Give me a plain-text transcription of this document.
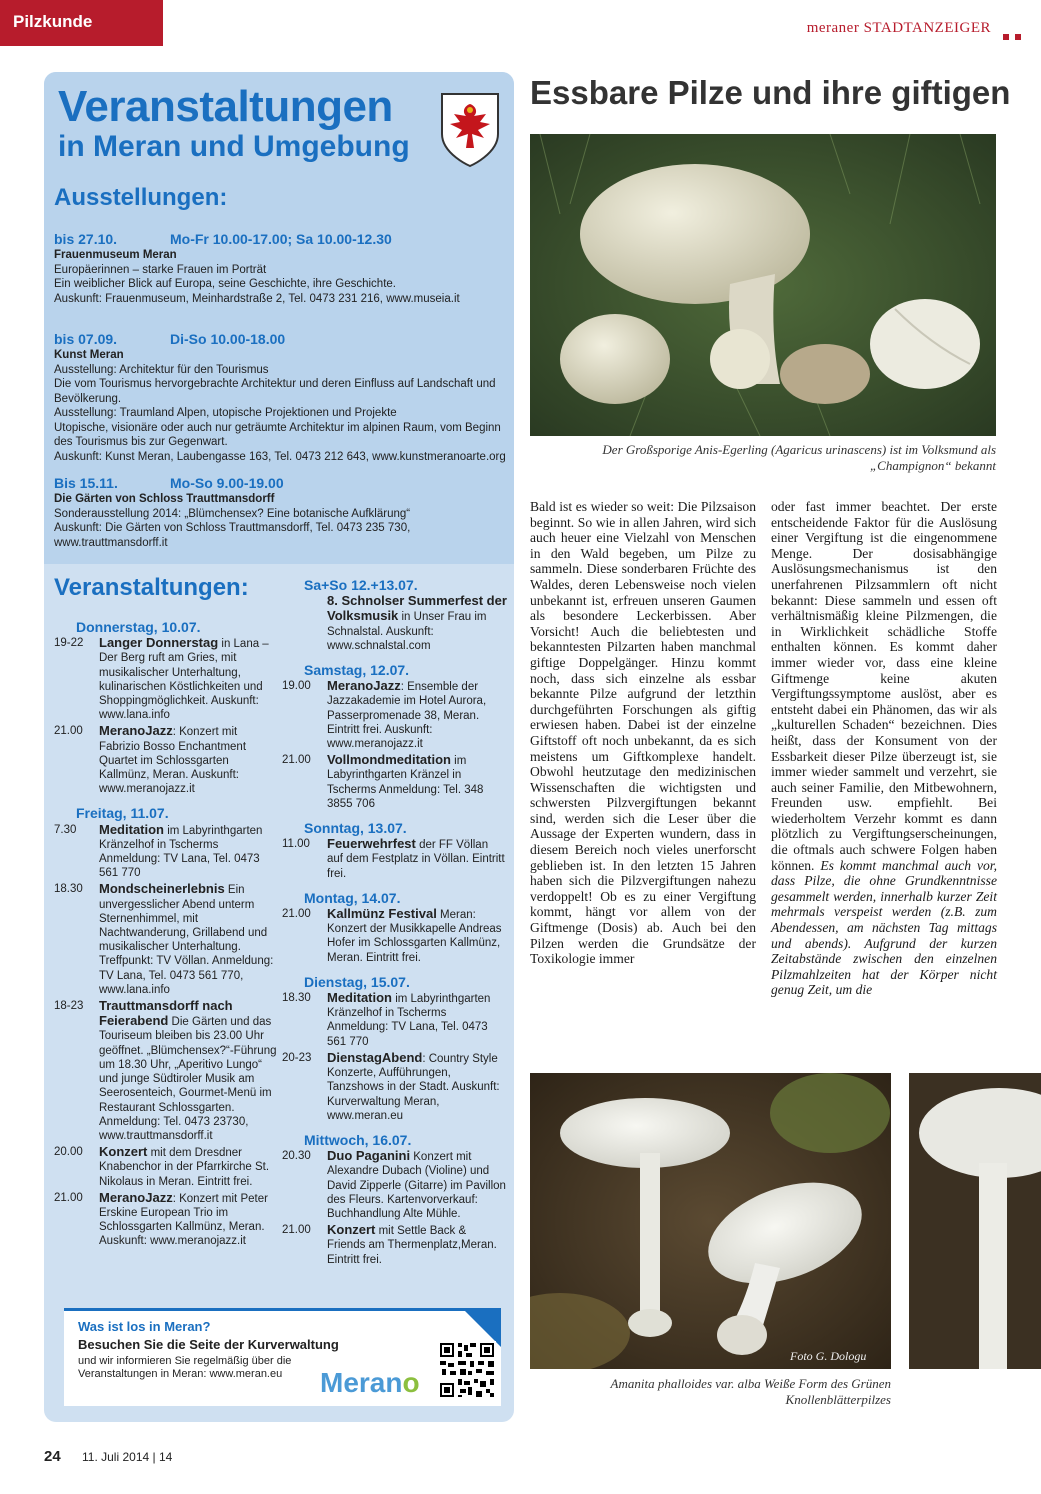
Pilzkunde	meraner STADTANZEIGER
Veranstaltungen
in Meran und Umgebung
Ausstellungen:
bis 27.10.	Mo-Fr 10.00-17.00; Sa 10.00-12.30
Frauenmuseum Meran
Europäerinnen – starke Frauen im Porträt
Ein weiblicher Blick auf Europa, seine Geschichte, ihre Geschichte.
Auskunft: Frauenmuseum, Meinhardstraße 2, Tel. 0473 231 216, www.museia.it
bis 07.09.	Di-So 10.00-18.00
Kunst Meran
Ausstellung: Architektur für den Tourismus
Die vom Tourismus hervorgebrachte Architektur und deren Einfluss auf Landschaft und Bevölkerung.
Ausstellung: Traumland Alpen, utopische Projektionen und Projekte
Utopische, visionäre oder auch nur geträumte Architektur im alpinen Raum, vom Beginn des Tourismus bis zur Gegenwart.
Auskunft: Kunst Meran, Laubengasse 163, Tel. 0473 212 643, www.kunstmeranoarte.org
Bis 15.11.	Mo-So 9.00-19.00
Die Gärten von Schloss Trauttmansdorff
Sonderausstellung 2014: „Blümchensex? Eine botanische Aufklärung“
Auskunft: Die Gärten von Schloss Trauttmansdorff, Tel. 0473 235 730, www.trauttmansdorff.it
Veranstaltungen:
Donnerstag, 10.07.
19-22	Langer Donnerstag in Lana – Der Berg ruft am Gries, mit musikalischer Unterhaltung, kulinarischen Köstlichkeiten und Shoppingmöglichkeit. Auskunft: www.lana.info
21.00	MeranoJazz: Konzert mit Fabrizio Bosso Enchantment Quartet im Schlossgarten Kallmünz, Meran. Auskunft: www.meranojazz.it
Freitag, 11.07.
7.30	Meditation im Labyrinthgarten Kränzelhof in Tscherms Anmeldung: TV Lana, Tel. 0473 561 770
18.30	Mondscheinerlebnis Ein unvergesslicher Abend unterm Sternenhimmel, mit Nachtwanderung, Grillabend und musikalischer Unterhaltung. Treffpunkt: TV Völlan. Anmeldung: TV Lana, Tel. 0473 561 770, www.lana.info
18-23	Trauttmansdorff nach Feierabend Die Gärten und das Touriseum bleiben bis 23.00 Uhr geöffnet. „Blümchensex?“-Führung um 18.30 Uhr, „Aperitivo Lungo“ und junge Südtiroler Musik am Seerosenteich, Gourmet-Menü im Restaurant Schlossgarten. Anmeldung: Tel. 0473 23730, www.trauttmansdorff.it
20.00	Konzert mit dem Dresdner Knabenchor in der Pfarrkirche St. Nikolaus in Meran. Eintritt frei.
21.00	MeranoJazz: Konzert mit Peter Erskine European Trio im Schlossgarten Kallmünz, Meran. Auskunft: www.meranojazz.it
Sa+So 12.+13.07.
8. Schnolser Summerfest der Volksmusik in Unser Frau im Schnalstal. Auskunft: www.schnalstal.com
Samstag, 12.07.
19.00	MeranoJazz: Ensemble der Jazzakademie im Hotel Aurora, Passerpromenade 38, Meran. Eintritt frei. Auskunft: www.meranojazz.it
21.00	Vollmondmeditation im Labyrinthgarten Kränzel in Tscherms Anmeldung: Tel. 348 3855 706
Sonntag, 13.07.
11.00	Feuerwehrfest der FF Völlan auf dem Festplatz in Völlan. Eintritt frei.
Montag, 14.07.
21.00	Kallmünz Festival Meran: Konzert der Musikkapelle Andreas Hofer im Schlossgarten Kallmünz, Meran. Eintritt frei.
Dienstag, 15.07.
18.30	Meditation im Labyrinthgarten Kränzelhof in Tscherms Anmeldung: TV Lana, Tel. 0473 561 770
20-23	DienstagAbend: Country Style Konzerte, Aufführungen, Tanzshows in der Stadt. Auskunft: Kurverwaltung Meran, www.meran.eu
Mittwoch, 16.07.
20.30	Duo Paganini Konzert mit Alexandre Dubach (Violine) und David Zipperle (Gitarre) im Pavillon des Fleurs. Kartenvorverkauf: Buchhandlung Alte Mühle.
21.00	Konzert mit Settle Back & Friends am Thermenplatz,Meran. Eintritt frei.
Was ist los in Meran?
Besuchen Sie die Seite der Kurverwaltung
und wir informieren Sie regelmäßig über die Veranstaltungen in Meran: www.meran.eu	Merano
Essbare Pilze und ihre giftigen
Der Großsporige Anis-Egerling (Agaricus urinascens) ist im Volksmund als „Champignon“ bekannt
Bald ist es wieder so weit: Die Pilzsaison beginnt. So wie in allen Jahren, wird sich auch heuer eine Vielzahl von Menschen in den Wald begeben, um Pilze zu sammeln. Diese sonderbaren Früchte des Waldes, deren Lebensweise noch vielen unbekannt ist, erfreuen unseren Gaumen als besondere Leckerbissen. Aber Vorsicht! Auch die beliebtesten und bekanntesten Pilzarten haben manchmal giftige Doppelgänger. Hinzu kommt noch, dass sich einzelne als essbar bekannte Pilze aufgrund der letzthin durchgeführten Forschungen als giftig erwiesen haben. Dabei ist der einzelne Giftstoff oft noch unbekannt, da es sich meistens um Giftkomplexe handelt. Obwohl heutzutage den medizinischen Wissenschaften die wichtigsten und schwersten Pilzvergiftungen bekannt sind, werden sich die Leser über die Aussage der Experten wundern, dass in diesem Bereich noch vieles unerforscht geblieben ist. In den letzten 15 Jahren haben sich die Pilzvergiftungen nahezu verdoppelt! Ob es zu einer Vergiftung kommt, hängt vor allem von der Giftmenge (Dosis) ab. Auch bei den Pilzen werden die Grundsätze der Toxikologie immer
oder fast immer beachtet. Der erste entscheidende Faktor für die Auslösung einer Vergiftung ist die eingenommene Menge. Der dosisabhängige Auslösungsmechanismus ist den unerfahrenen Pilzsammlern oft nicht bekannt: Diese sammeln und essen oft verhältnismäßig kleine Pilzmengen, die in Wirklichkeit schädliche Stoffe enthalten können. Es kommt daher immer wieder vor, dass eine kleine Giftmenge keine akuten Vergiftungssymptome auslöst, aber es entsteht dabei ein Phänomen, das wir als „kulturellen Schaden“ bezeichnen. Dies heißt, dass der Konsument von der Essbarkeit dieser Pilze überzeugt ist, sie immer wieder sammelt und verzehrt, sie auch seiner Familie, den Mitbewohnern, Freunden usw. empfiehlt. Bei wiederholtem Verzehr kommt es dann plötzlich zu Vergiftungserscheinungen, die oftmals auch schwere Folgen haben können. Es kommt manchmal auch vor, dass Pilze, die ohne Grundkenntnisse gesammelt werden, innerhalb kurzer Zeit mehrmals verspeist werden (z.B. zum Abendessen, am nächsten Tag mittags und abends). Aufgrund der kurzen Zeitabstände zwischen den einzelnen Pilzmahlzeiten hat der Körper nicht genug Zeit, um die
Foto G. Dologu
Amanita phalloides var. alba Weiße Form des Grünen Knollenblätterpilzes
24 11. Juli 2014 | 14
